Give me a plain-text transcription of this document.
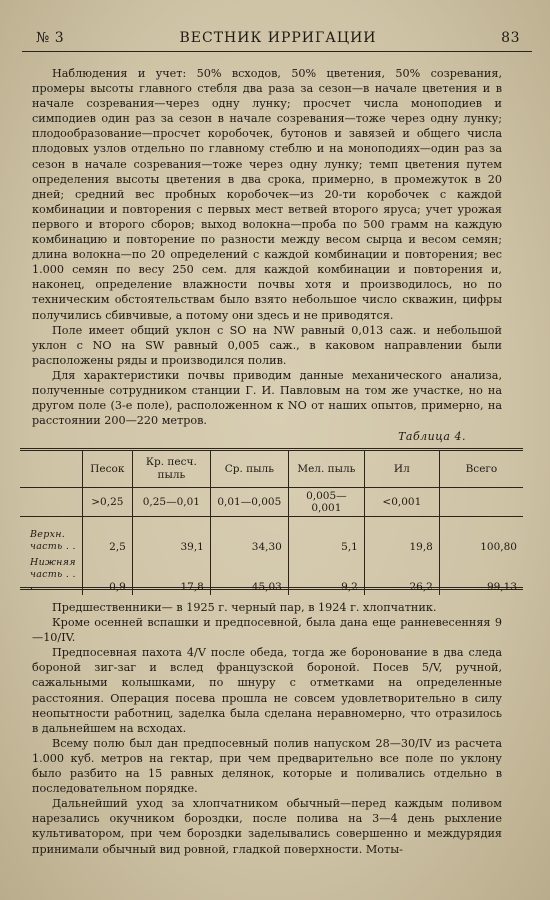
№ 3	ВЕСТНИК ИРРИГАЦИИ	83

Наблюдения и учет: 50% всходов, 50% цветения, 50% созревания, промеры высоты главного стебля два раза за сезон—в начале цветения и в начале созревания—через одну лунку; просчет числа моноподиев и симподиев один раз за сезон в начале созревания—тоже через одну лунку; плодообразование—просчет коробочек, бутонов и завязей и общего числа плодовых узлов отдельно по главному стеблю и на моноподиях—один раз за сезон в начале созревания—тоже через одну лунку; темп цветения путем определения высоты цветения в два срока, примерно, в промежуток в 20 дней; средний вес пробных коробочек—из 20-ти коробочек с каждой комбинации и повторения с первых мест ветвей второго яруса; учет урожая первого и второго сборов; выход волокна—проба по 500 грамм на каждую комбинацию и повторение по разности между весом сырца и весом семян; длина волокна—по 20 определений с каждой комбинации и повторения; вес 1.000 семян по весу 250 сем. для каждой комбинации и повторения и, наконец, определение влажности почвы хотя и производилось, но по техническим обстоятельствам было взято небольшое число скважин, цифры получились сбивчивые, а потому они здесь и не приводятся.

Поле имеет общий уклон с SO на NW равный 0,013 саж. и небольшой уклон с NO на SW равный 0,005 саж., в каковом направлении были расположены ряды и производился полив.

Для характеристики почвы приводим данные механического анализа, полученные сотрудником станции Г. И. Павловым на том же участке, но на другом поле (3-е поле), расположенном к NO от наших опытов, примерно, на расстоянии 200—220 метров.

Таблица 4.
	Песок	Кр. песч. пыль	Ср. пыль	Мел. пыль	Ил	Всего
	>0,25	0,25—0,01	0,01—0,005	0,005—0,001	<0,001	
Верхн. часть . .	2,5	39,1	34,30	5,1	19,8	100,80
Нижняя часть . . .	0,9	17,8	45,03	9,2	26,2	99,13

Предшественники— в 1925 г. черный пар, в 1924 г. хлопчатник.

Кроме осенней вспашки и предпосевной, была дана еще ранневесенняя 9—10/IV.

Предпосевная пахота 4/V после обеда, тогда же боронование в два следа бороной зиг-заг и вслед французской бороной. Посев 5/V, ручной, сажальными колышками, по шнуру с отметками на определенные расстояния. Операция посева прошла не совсем удовлетворительно в силу неопытности работниц, заделка была сделана неравномерно, что отразилось в дальнейшем на всходах.

Всему полю был дан предпосевный полив напуском 28—30/IV из расчета 1.000 куб. метров на гектар, при чем предварительно все поле по уклону было разбито на 15 равных делянок, которые и поливались отдельно в последовательном порядке.

Дальнейший уход за хлопчатником обычный—перед каждым поливом нарезались окучником бороздки, после полива на 3—4 день рыхление культиватором, при чем бороздки заделывались совершенно и междурядия принимали обычный вид ровной, гладкой поверхности. Моты-
